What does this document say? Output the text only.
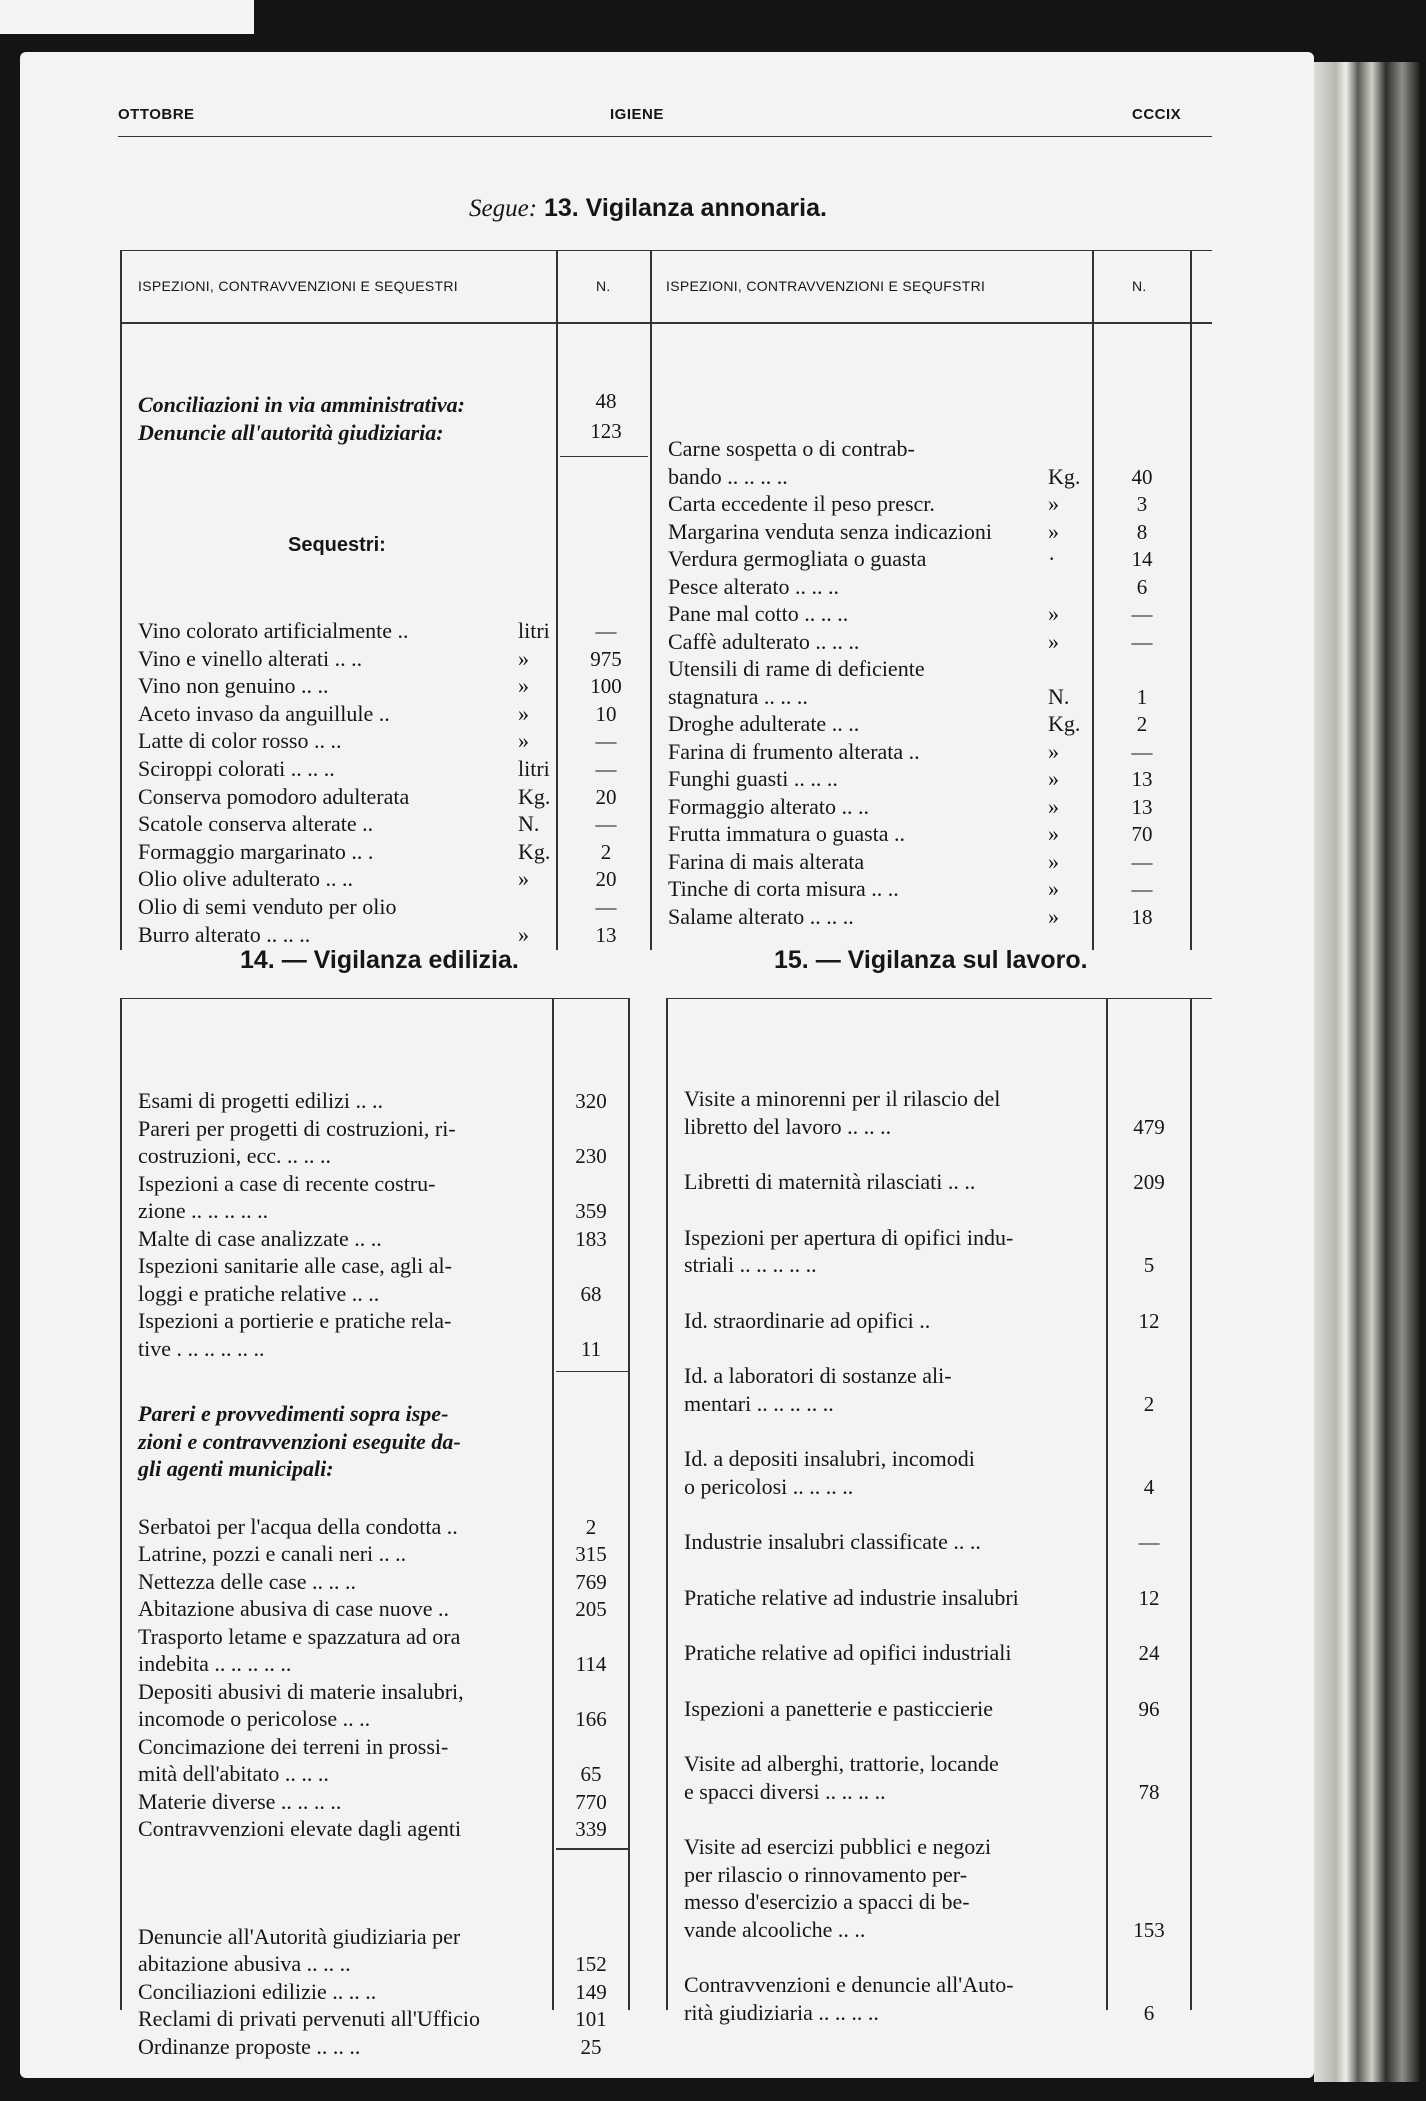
OTTOBRE	IGIENE	CCCIX
Segue: 13. Vigilanza annonaria.
ISPEZIONI, CONTRAVVENZIONI E SEQUESTRI	N.	ISPEZIONI, CONTRAVVENZIONI E SEQUFSTRI	N.
Conciliazioni in via amministrativa:	48
Denuncie all'autorità giudiziaria:	123
Sequestri:
Vino colorato artificialmente ..	litri	—
Vino e vinello alterati .. ..	»	975
Vino non genuino .. ..	»	100
Aceto invaso da anguillule ..	»	10
Latte di color rosso .. ..	»	—
Sciroppi colorati .. .. ..	litri	—
Conserva pomodoro adulterata	Kg.	20
Scatole conserva alterate ..	N.	—
Formaggio margarinato .. .	Kg.	2
Olio olive adulterato .. ..	»	20
Olio di semi venduto per olio	—
Burro alterato .. .. ..	»	13
Carne sospetta o di contrab-
bando .. .. .. ..	Kg.	40
Carta eccedente il peso prescr.	»	3
Margarina venduta senza indicazioni	»	8
Verdura germogliata o guasta	·	14
Pesce alterato .. .. ..	6
Pane mal cotto .. .. ..	»	—
Caffè adulterato .. .. ..	»	—
Utensili di rame di deficiente
stagnatura .. .. ..	N.	1
Droghe adulterate .. ..	Kg.	2
Farina di frumento alterata ..	»	—
Funghi guasti .. .. ..	»	13
Formaggio alterato .. ..	»	13
Frutta immatura o guasta ..	»	70
Farina di mais alterata	»	—
Tinche di corta misura .. ..	»	—
Salame alterato .. .. ..	»	18
14. — Vigilanza edilizia.	15. — Vigilanza sul lavoro.
Esami di progetti edilizi .. ..	320
Pareri per progetti di costruzioni, ri-
costruzioni, ecc. .. .. ..	230
Ispezioni a case di recente costru-
zione .. .. .. .. ..	359
Malte di case analizzate .. ..	183
Ispezioni sanitarie alle case, agli al-
loggi e pratiche relative .. ..	68
Ispezioni a portierie e pratiche rela-
tive . .. .. .. .. ..	11
Pareri e provvedimenti sopra ispe-
zioni e contravvenzioni eseguite da-
gli agenti municipali:
Serbatoi per l'acqua della condotta ..	2
Latrine, pozzi e canali neri .. ..	315
Nettezza delle case .. .. ..	769
Abitazione abusiva di case nuove ..	205
Trasporto letame e spazzatura ad ora
indebita .. .. .. .. ..	114
Depositi abusivi di materie insalubri,
incomode o pericolose .. ..	166
Concimazione dei terreni in prossi-
mità dell'abitato .. .. ..	65
Materie diverse .. .. .. ..	770
Contravvenzioni elevate dagli agenti	339
Denuncie all'Autorità giudiziaria per
abitazione abusiva .. .. ..	152
Conciliazioni edilizie .. .. ..	149
Reclami di privati pervenuti all'Ufficio	101
Ordinanze proposte .. .. ..	25
Visite a minorenni per il rilascio del
libretto del lavoro .. .. ..	479
Libretti di maternità rilasciati .. ..	209
Ispezioni per apertura di opifici indu-
striali .. .. .. .. ..	5
Id. straordinarie ad opifici ..	12
Id. a laboratori di sostanze ali-
mentari .. .. .. .. ..	2
Id. a depositi insalubri, incomodi
o pericolosi .. .. .. ..	4
Industrie insalubri classificate .. ..	—
Pratiche relative ad industrie insalubri	12
Pratiche relative ad opifici industriali	24
Ispezioni a panetterie e pasticcierie	96
Visite ad alberghi, trattorie, locande
e spacci diversi .. .. .. ..	78
Visite ad esercizi pubblici e negozi
per rilascio o rinnovamento per-
messo d'esercizio a spacci di be-
vande alcooliche .. ..	153
Contravvenzioni e denuncie all'Auto-
rità giudiziaria .. .. .. ..	6
